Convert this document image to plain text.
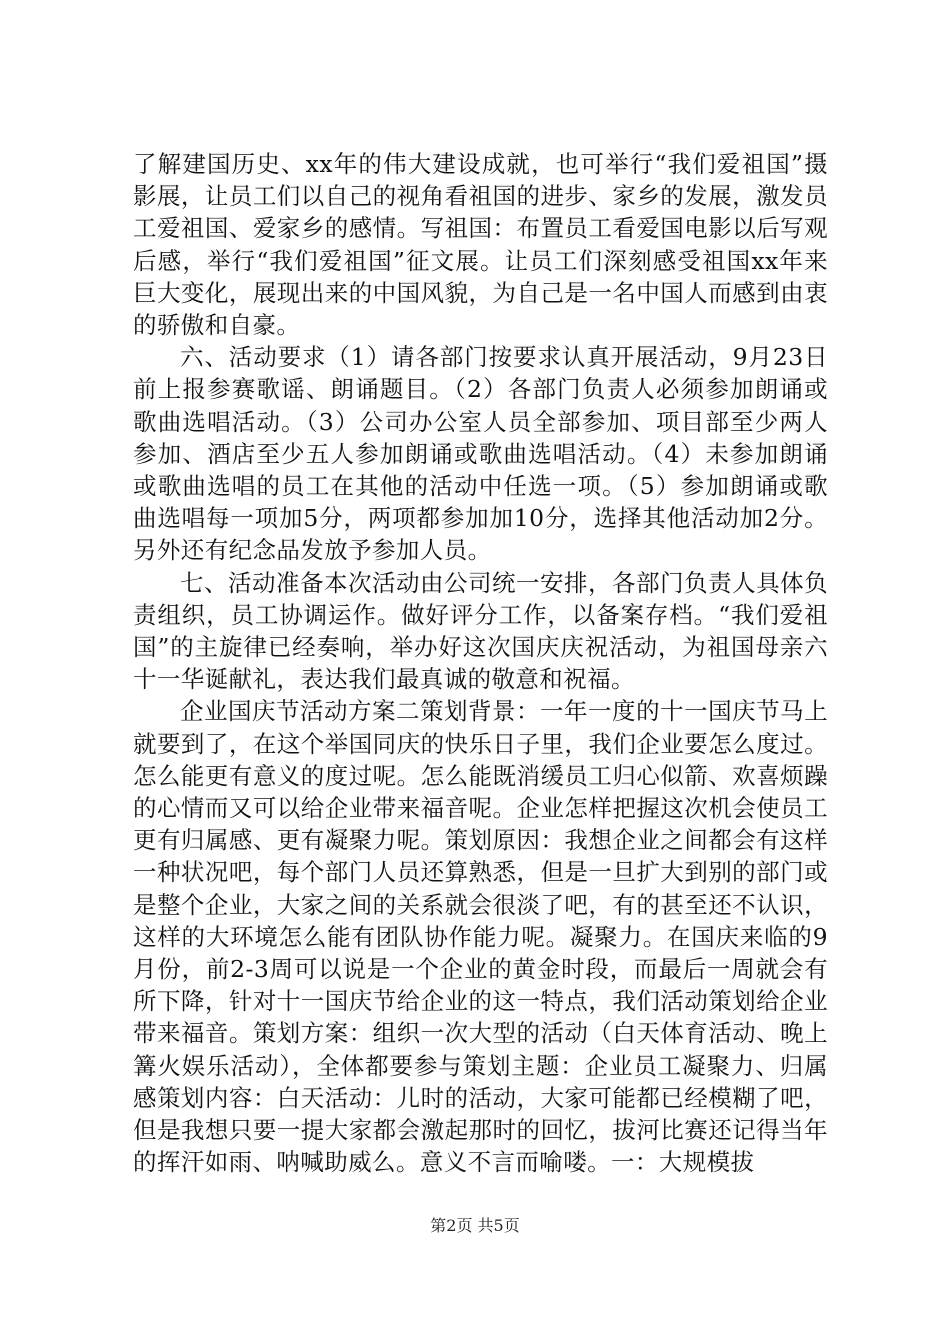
了解建国历史、xx年的伟大建设成就，也可举行“我们爱祖国”摄影展，让员工们以自己的视角看祖国的进步、家乡的发展，激发员工爱祖国、爱家乡的感情。写祖国：布置员工看爱国电影以后写观后感，举行“我们爱祖国”征文展。让员工们深刻感受祖国xx年来巨大变化，展现出来的中国风貌，为自己是一名中国人而感到由衷的骄傲和自豪。

六、活动要求（1）请各部门按要求认真开展活动，9月23日前上报参赛歌谣、朗诵题目。（2）各部门负责人必须参加朗诵或歌曲选唱活动。（3）公司办公室人员全部参加、项目部至少两人参加、酒店至少五人参加朗诵或歌曲选唱活动。（4）未参加朗诵或歌曲选唱的员工在其他的活动中任选一项。（5）参加朗诵或歌曲选唱每一项加5分，两项都参加加10分，选择其他活动加2分。另外还有纪念品发放予参加人员。

七、活动准备本次活动由公司统一安排，各部门负责人具体负责组织，员工协调运作。做好评分工作，以备案存档。“我们爱祖国”的主旋律已经奏响，举办好这次国庆庆祝活动，为祖国母亲六十一华诞献礼，表达我们最真诚的敬意和祝福。

企业国庆节活动方案二策划背景：一年一度的十一国庆节马上就要到了，在这个举国同庆的快乐日子里，我们企业要怎么度过。怎么能更有意义的度过呢。怎么能既消缓员工归心似箭、欢喜烦躁的心情而又可以给企业带来福音呢。企业怎样把握这次机会使员工更有归属感、更有凝聚力呢。策划原因：我想企业之间都会有这样一种状况吧，每个部门人员还算熟悉，但是一旦扩大到别的部门或是整个企业，大家之间的关系就会很淡了吧，有的甚至还不认识，这样的大环境怎么能有团队协作能力呢。凝聚力。在国庆来临的9月份，前2-3周可以说是一个企业的黄金时段，而最后一周就会有所下降，针对十一国庆节给企业的这一特点，我们活动策划给企业带来福音。策划方案：组织一次大型的活动（白天体育活动、晚上篝火娱乐活动），全体都要参与策划主题：企业员工凝聚力、归属感策划内容：白天活动：儿时的活动，大家可能都已经模糊了吧，但是我想只要一提大家都会激起那时的回忆，拔河比赛还记得当年的挥汗如雨、呐喊助威么。意义不言而喻喽。一：大规模拔

第2页 共5页
